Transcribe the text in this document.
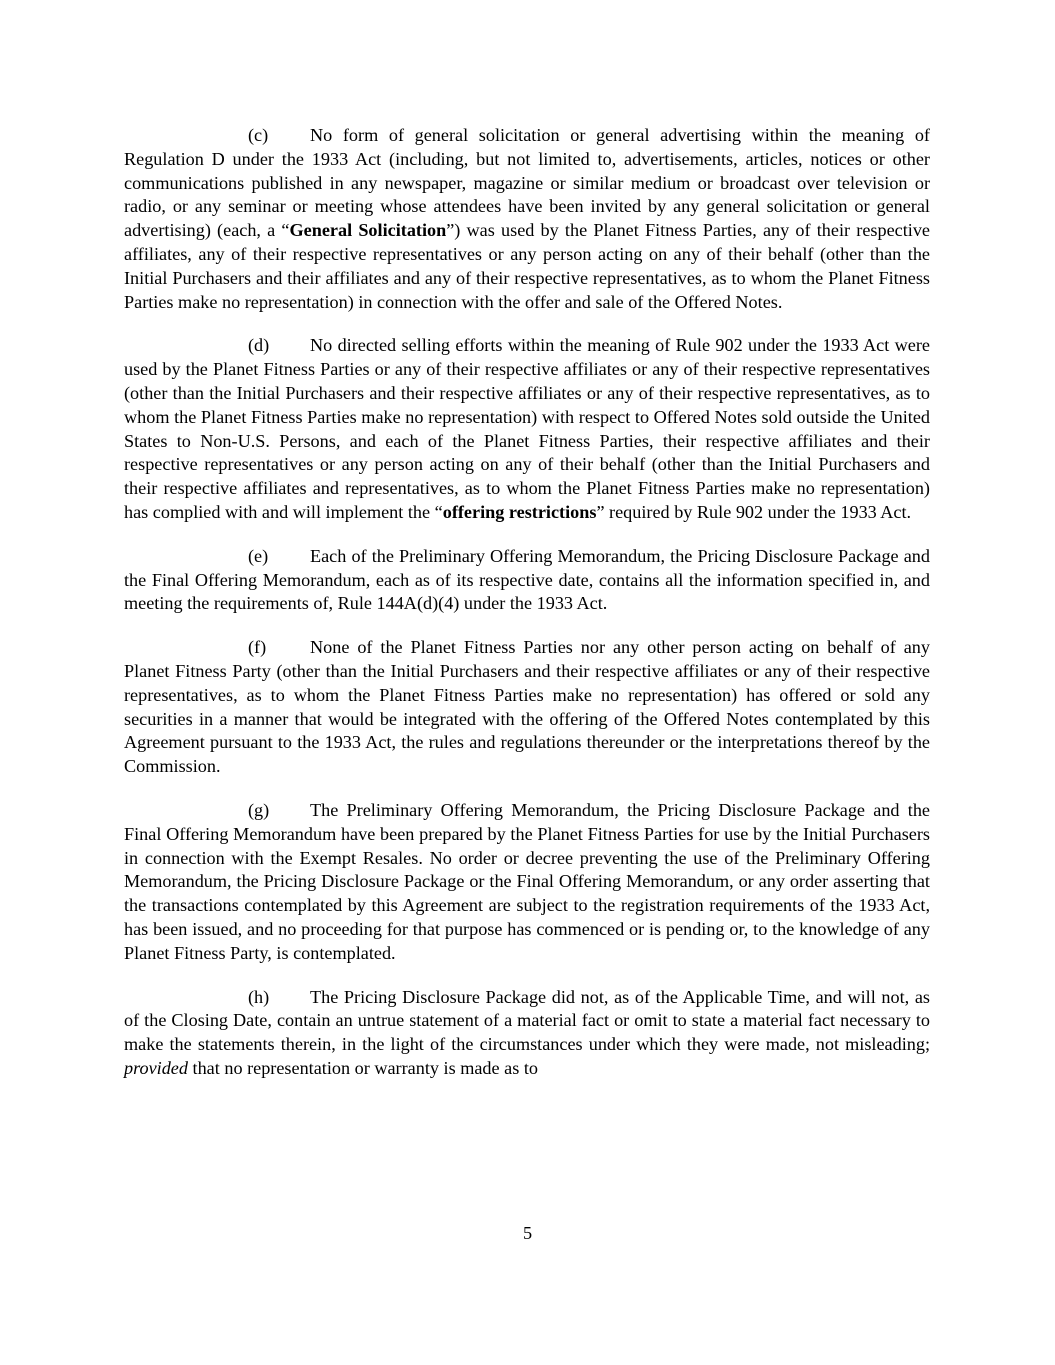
(c) No form of general solicitation or general advertising within the meaning of Regulation D under the 1933 Act (including, but not limited to, advertisements, articles, notices or other communications published in any newspaper, magazine or similar medium or broadcast over television or radio, or any seminar or meeting whose attendees have been invited by any general solicitation or general advertising) (each, a “General Solicitation”) was used by the Planet Fitness Parties, any of their respective affiliates, any of their respective representatives or any person acting on any of their behalf (other than the Initial Purchasers and their affiliates and any of their respective representatives, as to whom the Planet Fitness Parties make no representation) in connection with the offer and sale of the Offered Notes.

(d) No directed selling efforts within the meaning of Rule 902 under the 1933 Act were used by the Planet Fitness Parties or any of their respective affiliates or any of their respective representatives (other than the Initial Purchasers and their respective affiliates or any of their respective representatives, as to whom the Planet Fitness Parties make no representation) with respect to Offered Notes sold outside the United States to Non-U.S. Persons, and each of the Planet Fitness Parties, their respective affiliates and their respective representatives or any person acting on any of their behalf (other than the Initial Purchasers and their respective affiliates and representatives, as to whom the Planet Fitness Parties make no representation) has complied with and will implement the “offering restrictions” required by Rule 902 under the 1933 Act.

(e) Each of the Preliminary Offering Memorandum, the Pricing Disclosure Package and the Final Offering Memorandum, each as of its respective date, contains all the information specified in, and meeting the requirements of, Rule 144A(d)(4) under the 1933 Act.

(f) None of the Planet Fitness Parties nor any other person acting on behalf of any Planet Fitness Party (other than the Initial Purchasers and their respective affiliates or any of their respective representatives, as to whom the Planet Fitness Parties make no representation) has offered or sold any securities in a manner that would be integrated with the offering of the Offered Notes contemplated by this Agreement pursuant to the 1933 Act, the rules and regulations thereunder or the interpretations thereof by the Commission.

(g) The Preliminary Offering Memorandum, the Pricing Disclosure Package and the Final Offering Memorandum have been prepared by the Planet Fitness Parties for use by the Initial Purchasers in connection with the Exempt Resales. No order or decree preventing the use of the Preliminary Offering Memorandum, the Pricing Disclosure Package or the Final Offering Memorandum, or any order asserting that the transactions contemplated by this Agreement are subject to the registration requirements of the 1933 Act, has been issued, and no proceeding for that purpose has commenced or is pending or, to the knowledge of any Planet Fitness Party, is contemplated.

(h) The Pricing Disclosure Package did not, as of the Applicable Time, and will not, as of the Closing Date, contain an untrue statement of a material fact or omit to state a material fact necessary to make the statements therein, in the light of the circumstances under which they were made, not misleading; provided that no representation or warranty is made as to

5
